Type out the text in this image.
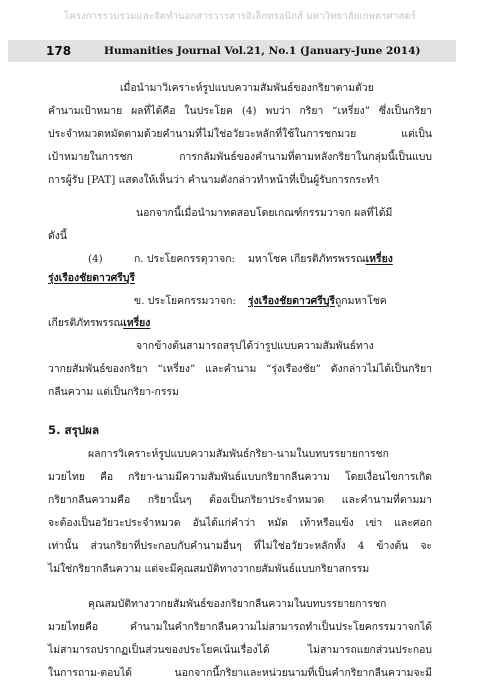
โครงการรวบรวมและจัดทำนอกสารวารสารอิเล็กทรอนิกส์ มหาวิทยาลัยเกษตรศาสตร์
178	Humanities Journal Vol.21, No.1 (January-June 2014)
เมื่อนำมาวิเคราะห์รูปแบบความสัมพันธ์ของกริยาตามตัวย
คำนามเป้าหมาย ผลที่ได้คือ ในประโยค (4) พบว่า กริยา “เหรี่ยง” ซึ่งเป็นกริยา
ประจำหมวดหมัดตามด้วยคำนามที่ไม่ใช่อวัยวะหลักที่ใช้ในการชกมวย แต่เป็น
เป้าหมายในการชก การกลัมพันธ์ของคำนามที่ตามหลังกริยาในกลุ่มนี้เป็นแบบ
การผู้รับ [PAT] แสดงให้เห็นว่า คำนามดังกล่าวทำหน้าที่เป็นผู้รับการกระทำ
นอกจากนี้เมื่อนำมาทดสอบโดยเกณฑ์กรรมวาจก ผลที่ได้มี
ดังนี้
(4)	ก. ประโยคกรรตุวาจก: มหาโชค เกียรติภัทรพรรณเหรี่ยง
รุ่งเรืองชัยดาวศรีบุรี
ข. ประโยคกรรมวาจก: รุ่งเรืองชัยดาวศรีบุรีถูกมหาโชค
เกียรติภัทรพรรณเหรี่ยง
จากข้างต้นสามารถสรุปได้ว่ารูปแบบความสัมพันธ์ทาง
วากยสัมพันธ์ของกริยา “เหรี่ยง” และคำนาม “รุ่งเรืองชัย” ดังกล่าวไม่ได้เป็นกริยา
กลืนความ แต่เป็นกริยา-กรรม
5. สรุปผล
ผลการวิเคราะห์รูปแบบความสัมพันธ์กริยา-นามในบทบรรยายการชก
มวยไทย คือ กริยา-นามมีความสัมพันธ์แบบกริยากลืนความ โดยเงื่อนไขการเกิด
กริยากลืนความคือ กริยานั้นๆ ต้องเป็นกริยาประจำหมวด และคำนามที่ตามมา
จะต้องเป็นอวัยวะประจำหมวด อันได้แก่คำว่า หมัด เท้าหรือแข้ง เข่า และศอก
เท่านั้น ส่วนกริยาที่ประกอบกับคำนามอื่นๆ ที่ไม่ใช่อวัยวะหลักทั้ง 4 ข้างต้น จะ
ไม่ใช่กริยากลืนความ แต่จะมีคุณสมบัติทางวากยสัมพันธ์แบบกริยาสกรรม
คุณสมบัติทางวากยสัมพันธ์ของกริยากลืนความในบทบรรยายการชก
มวยไทยคือ คำนามในคำกริยากลืนความไม่สามารถทำเป็นประโยคกรรมวาจกได้
ไม่สามารถปรากฏเป็นส่วนของประโยคเน้นเรื่องได้ ไม่สามารถแยกส่วนประกอบ
ในการถาม-ตอบได้ นอกจากนี้กริยาและหน่วยนามที่เป็นคำกริยากลืนความจะมี
